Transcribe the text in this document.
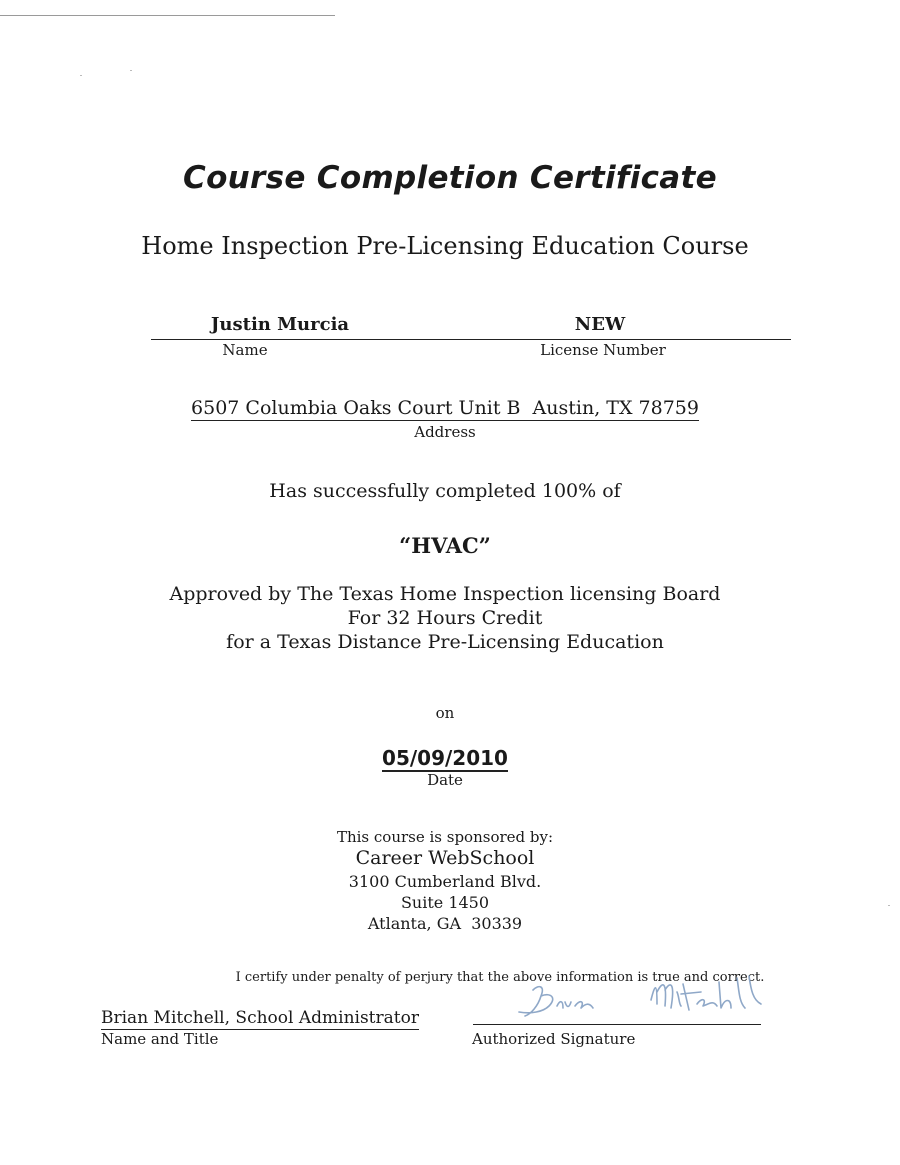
Course Completion Certificate
Home Inspection Pre-Licensing Education Course
Justin Murcia	NEW
Name	License Number
6507 Columbia Oaks Court Unit B  Austin, TX 78759
Address
Has successfully completed 100% of
“HVAC”
Approved by The Texas Home Inspection licensing Board
For 32 Hours Credit
for a Texas Distance Pre-Licensing Education
on
05/09/2010
Date
This course is sponsored by:
Career WebSchool
3100 Cumberland Blvd.
Suite 1450
Atlanta, GA  30339
I certify under penalty of perjury that the above information is true and correct.
Brian Mitchell, School Administrator
Name and Title	Authorized Signature
